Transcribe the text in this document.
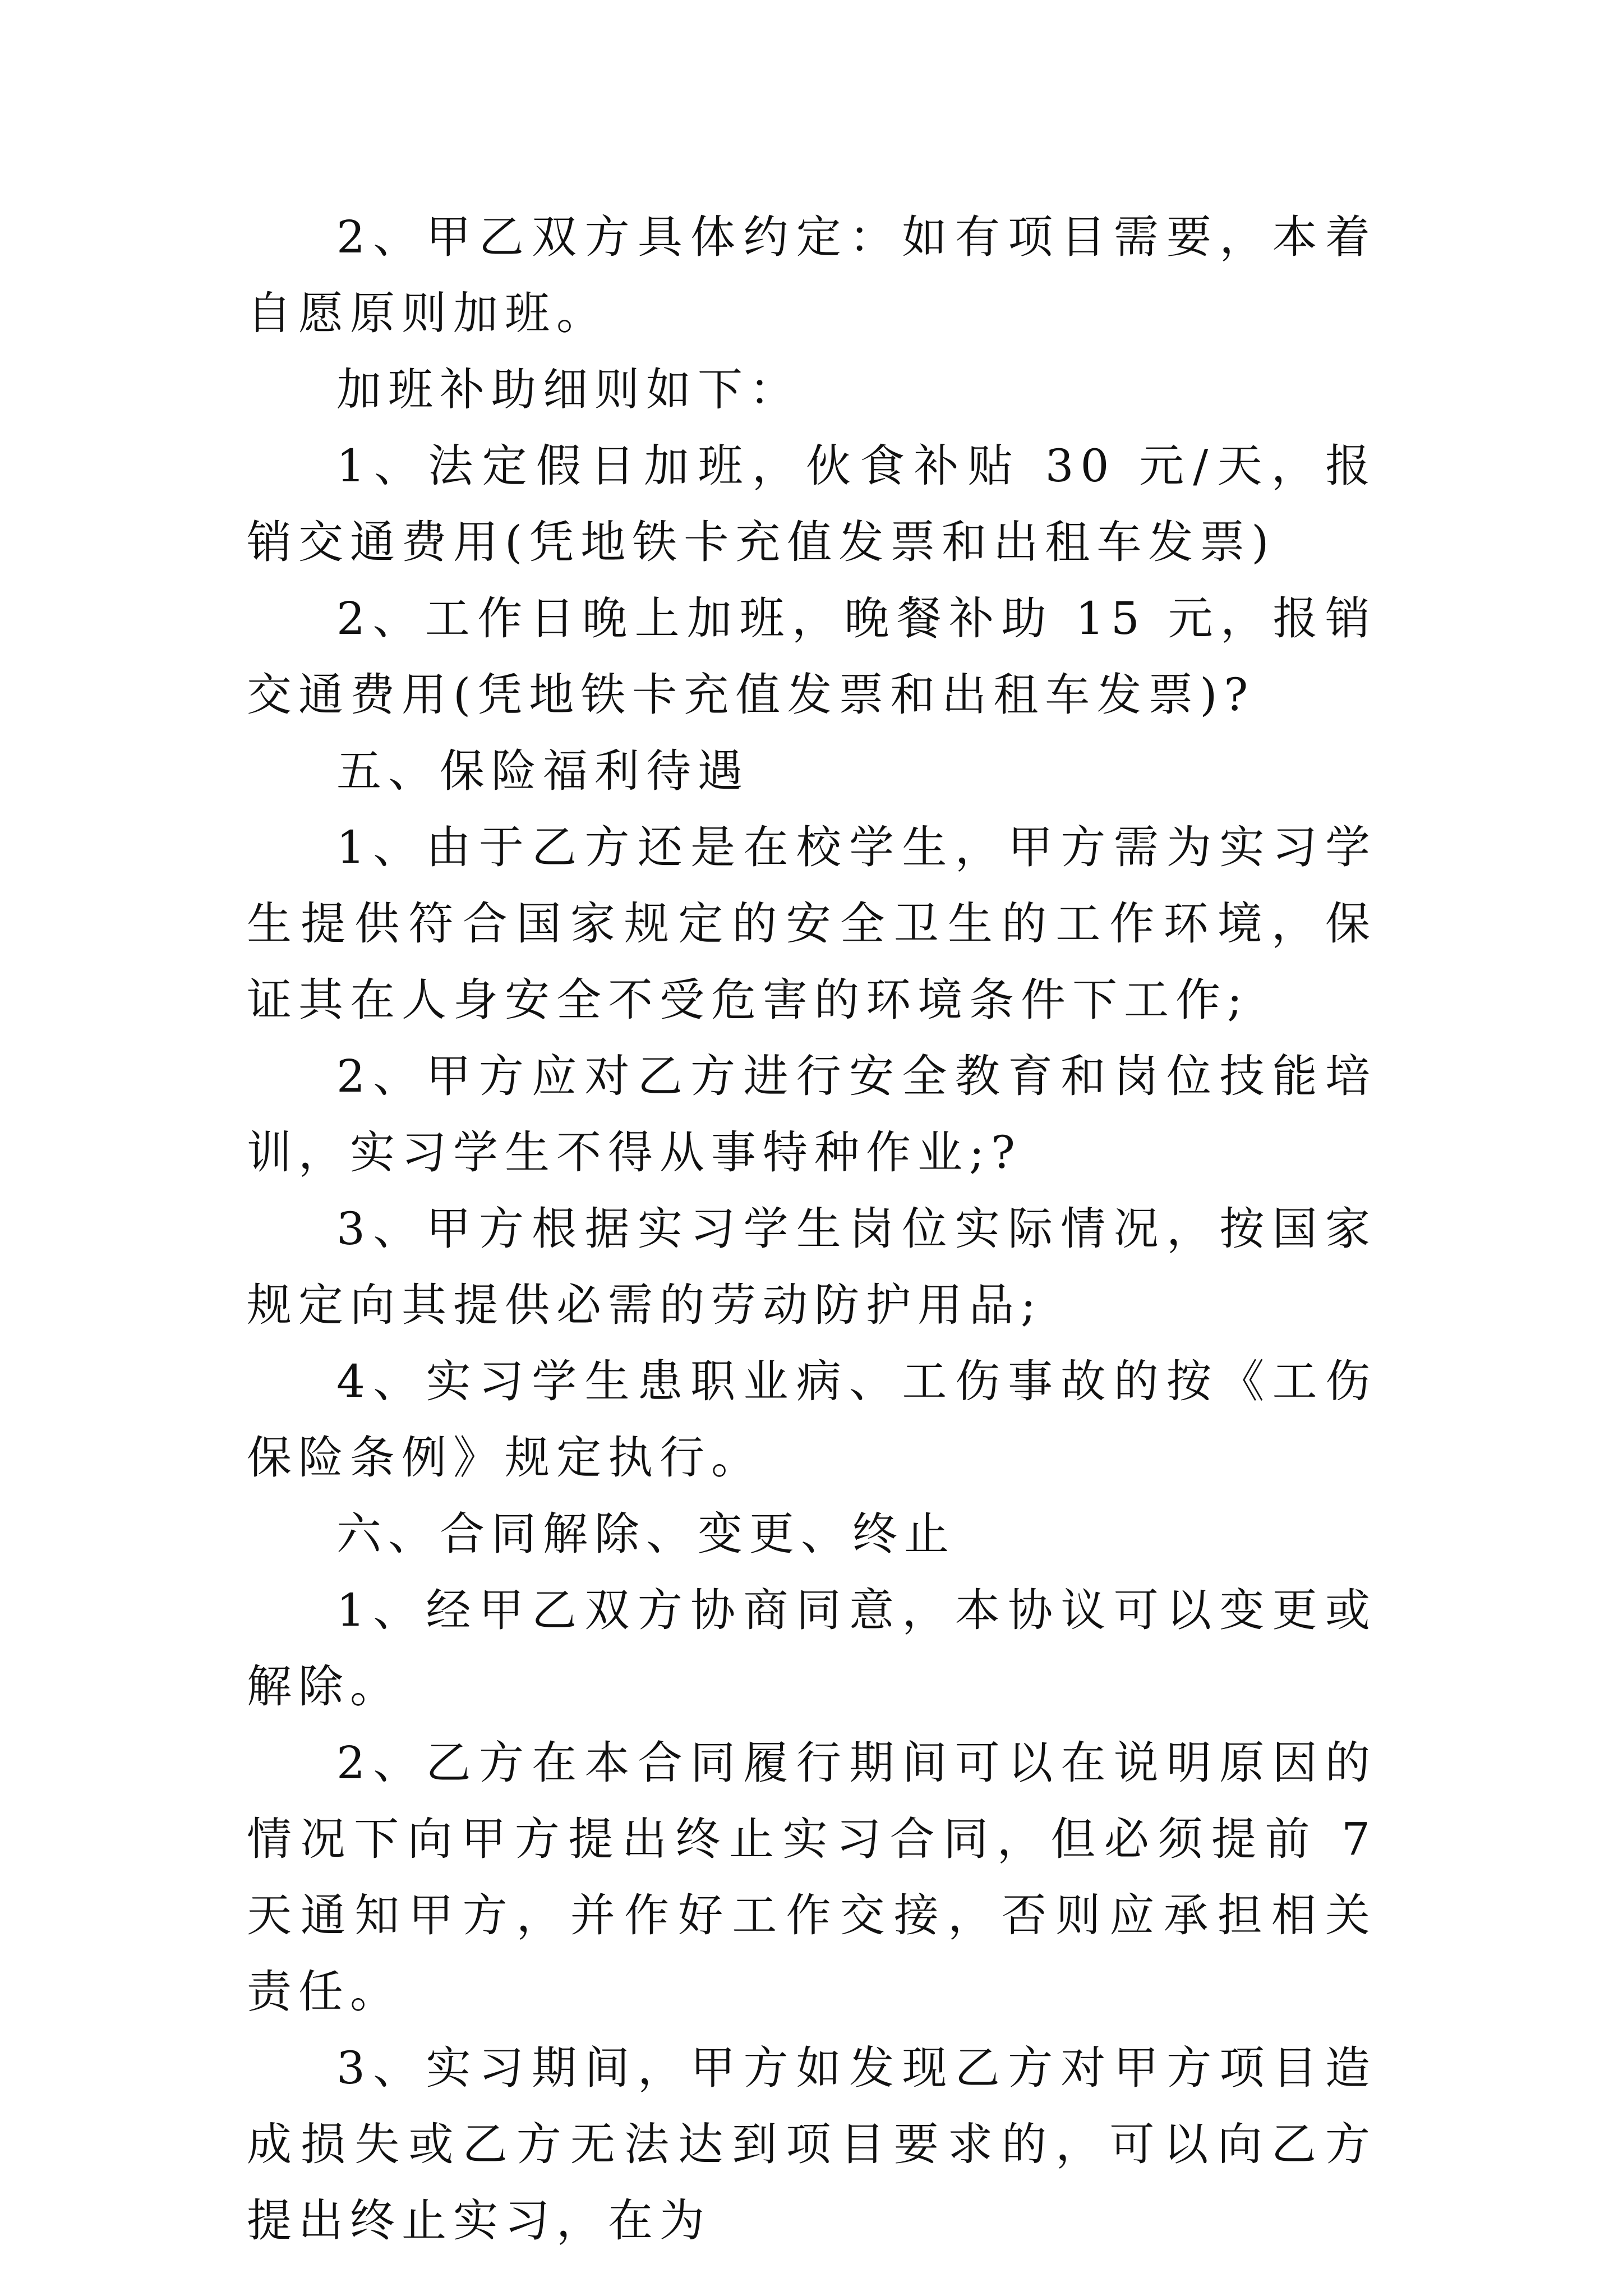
2、甲乙双方具体约定：如有项目需要，本着自愿原则加班。

加班补助细则如下：

1、法定假日加班，伙食补贴 30 元/天，报销交通费用(凭地铁卡充值发票和出租车发票)

2、工作日晚上加班，晚餐补助 15 元，报销交通费用(凭地铁卡充值发票和出租车发票)?

五、保险福利待遇

1、由于乙方还是在校学生，甲方需为实习学生提供符合国家规定的安全卫生的工作环境，保证其在人身安全不受危害的环境条件下工作;

2、甲方应对乙方进行安全教育和岗位技能培训，实习学生不得从事特种作业;?

3、甲方根据实习学生岗位实际情况，按国家规定向其提供必需的劳动防护用品;

4、实习学生患职业病、工伤事故的按《工伤保险条例》规定执行。

六、合同解除、变更、终止

1、经甲乙双方协商同意，本协议可以变更或解除。

2、乙方在本合同履行期间可以在说明原因的情况下向甲方提出终止实习合同，但必须提前 7 天通知甲方，并作好工作交接，否则应承担相关责任。

3、实习期间，甲方如发现乙方对甲方项目造成损失或乙方无法达到项目要求的，可以向乙方提出终止实习，在为
